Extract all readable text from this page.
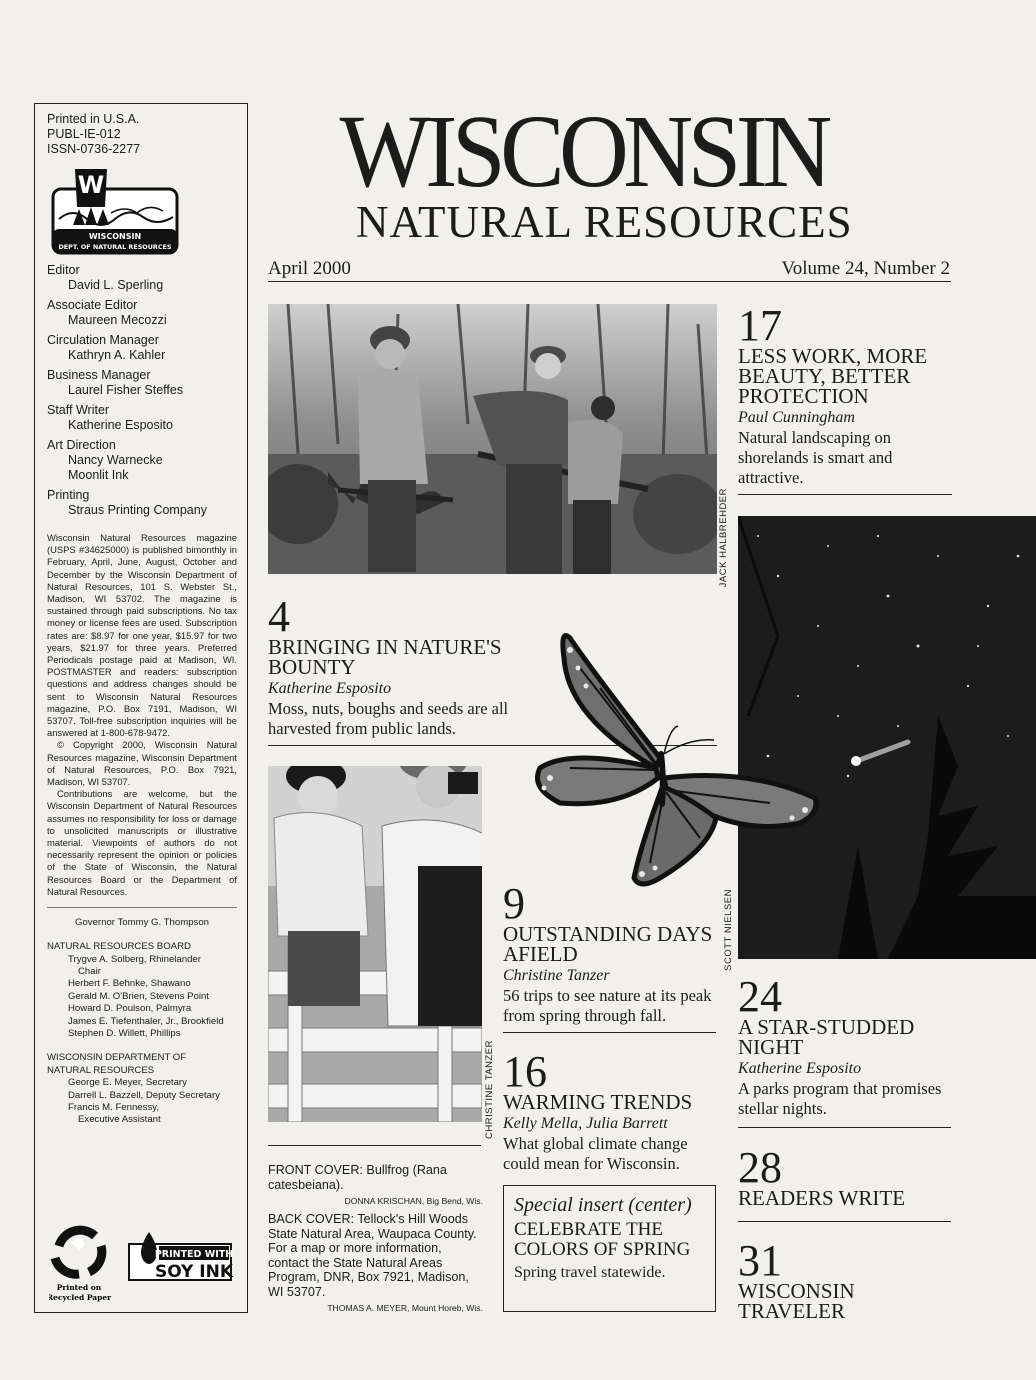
Printed in U.S.A.
PUBL-IE-012
ISSN-0736-2277
W
WISCONSIN
DEPT. OF NATURAL RESOURCES
Editor
David L. Sperling
Associate Editor
Maureen Mecozzi
Circulation Manager
Kathryn A. Kahler
Business Manager
Laurel Fisher Steffes
Staff Writer
Katherine Esposito
Art Direction
Nancy Warnecke
Moonlit Ink
Printing
Straus Printing Company

Wisconsin Natural Resources magazine (USPS #34625000) is published bimonthly in February, April, June, August, October and December by the Wisconsin Department of Natural Resources, 101 S. Webster St., Madison, WI 53702. The magazine is sustained through paid subscriptions. No tax money or license fees are used. Subscription rates are: $8.97 for one year, $15.97 for two years, $21.97 for three years. Preferred Periodicals postage paid at Madison, WI. POSTMASTER and readers: subscription questions and address changes should be sent to Wisconsin Natural Resources magazine, P.O. Box 7191, Madison, WI 53707. Toll-free subscription inquiries will be answered at 1-800-678-9472.

© Copyright 2000, Wisconsin Natural Resources magazine, Wisconsin Department of Natural Resources, P.O. Box 7921, Madison, WI 53707.

Contributions are welcome, but the Wisconsin Department of Natural Resources assumes no responsibility for loss or damage to unsolicited manuscripts or illustrative material. Viewpoints of authors do not necessarily represent the opinion or policies of the State of Wisconsin, the Natural Resources Board or the Department of Natural Resources.

Governor Tommy G. Thompson
NATURAL RESOURCES BOARD
Trygve A. Solberg, Rhinelander
Chair
Herbert F. Behnke, Shawano
Gerald M. O'Brien, Stevens Point
Howard D. Poulson, Palmyra
James E. Tiefenthaler, Jr., Brookfield
Stephen D. Willett, Phillips
WISCONSIN DEPARTMENT OF NATURAL RESOURCES
George E. Meyer, Secretary
Darrell L. Bazzell, Deputy Secretary
Francis M. Fennessy,
Executive Assistant
Printed on
Recycled Paper
PRINTED WITH
SOY INK
WISCONSIN
NATURAL RESOURCES
April 2000	Volume 24, Number 2
JACK HALBREHDER
17
LESS WORK, MORE BEAUTY, BETTER PROTECTION
Paul Cunningham
Natural landscaping on shorelands is smart and attractive.
SCOTT NIELSEN
4
BRINGING IN NATURE'S BOUNTY
Katherine Esposito
Moss, nuts, boughs and seeds are all harvested from public lands.
CHRISTINE TANZER
9
OUTSTANDING DAYS AFIELD
Christine Tanzer
56 trips to see nature at its peak from spring through fall.
16
WARMING TRENDS
Kelly Mella, Julia Barrett
What global climate change could mean for Wisconsin.
24
A STAR-STUDDED NIGHT
Katherine Esposito
A parks program that promises stellar nights.
28
READERS WRITE
31
WISCONSIN TRAVELER
FRONT COVER: Bullfrog (Rana catesbeiana).
DONNA KRISCHAN, Big Bend, Wis.
BACK COVER: Tellock's Hill Woods State Natural Area, Waupaca County. For a map or more information, contact the State Natural Areas Program, DNR, Box 7921, Madison, WI 53707.
THOMAS A. MEYER, Mount Horeb, Wis.
Special insert (center)
CELEBRATE THE COLORS OF SPRING
Spring travel statewide.
